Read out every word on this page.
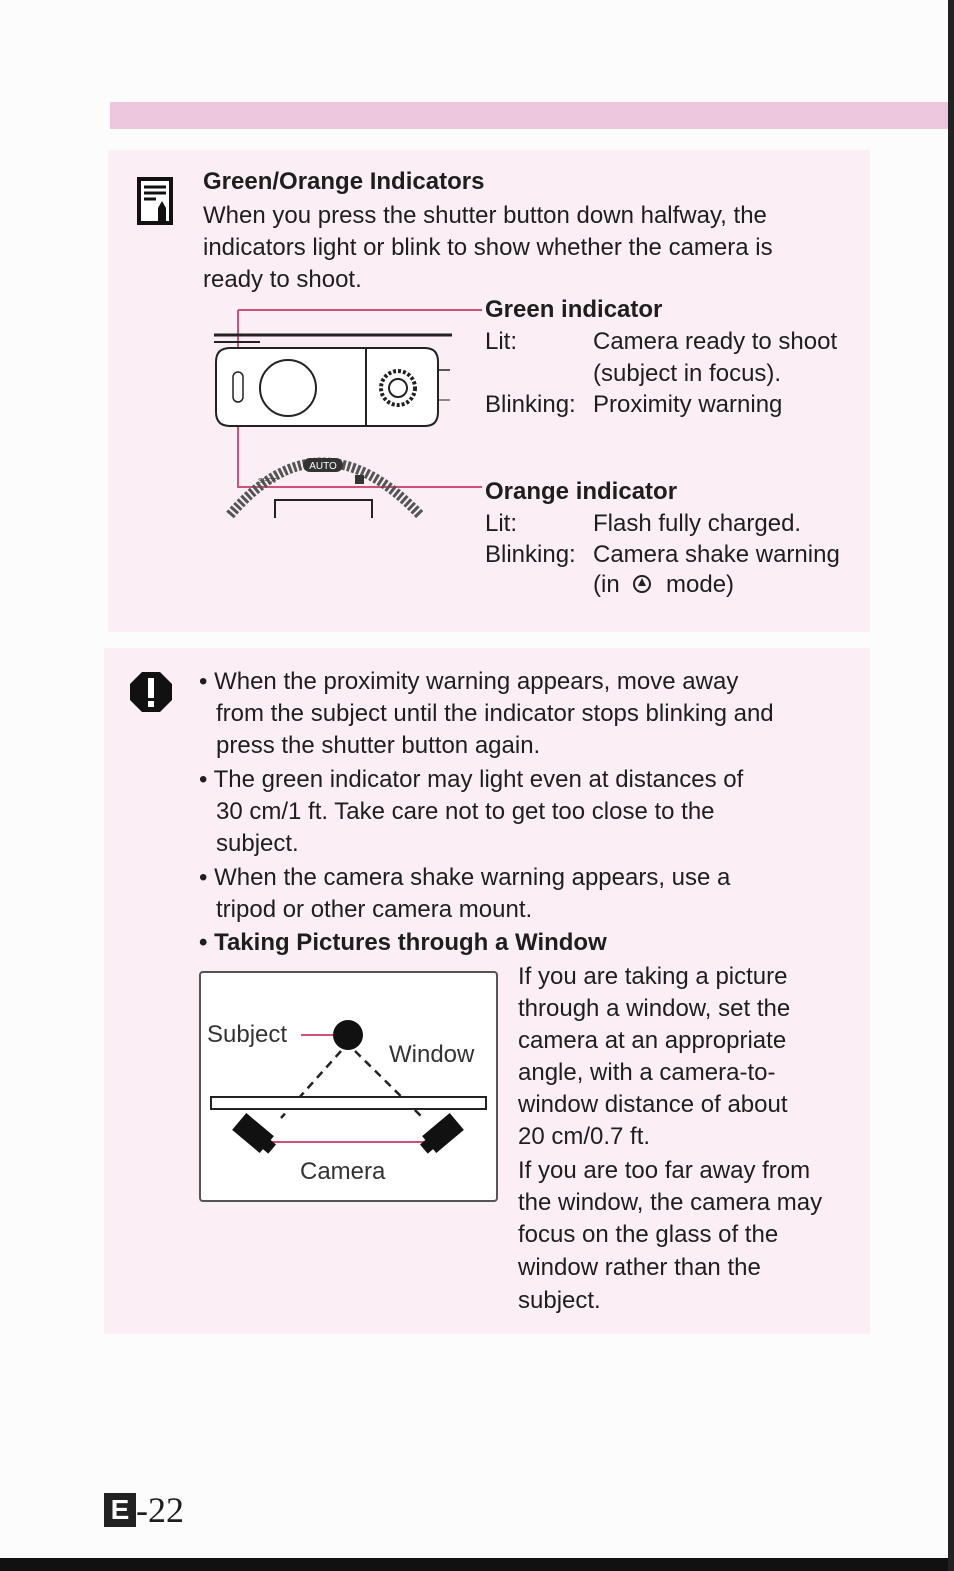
Green/Orange Indicators
When you press the shutter button down halfway, the
indicators light or blink to show whether the camera is
ready to shoot.
AUTO
SPOT
Green indicator
Lit:	Camera ready to shoot
(subject in focus).
Blinking: Proximity warning
Orange indicator
Lit:	Flash fully charged.
Blinking: Camera shake warning
(in mode)
• When the proximity warning appears, move away
from the subject until the indicator stops blinking and
press the shutter button again.
• The green indicator may light even at distances of
30 cm/1 ft. Take care not to get too close to the
subject.
• When the camera shake warning appears, use a
tripod or other camera mount.
• Taking Pictures through a Window
Subject
Window
Camera
If you are taking a picture
through a window, set the
camera at an appropriate
angle, with a camera-to-
window distance of about
20 cm/0.7 ft.
If you are too far away from
the window, the camera may
focus on the glass of the
window rather than the
subject.
E -22
